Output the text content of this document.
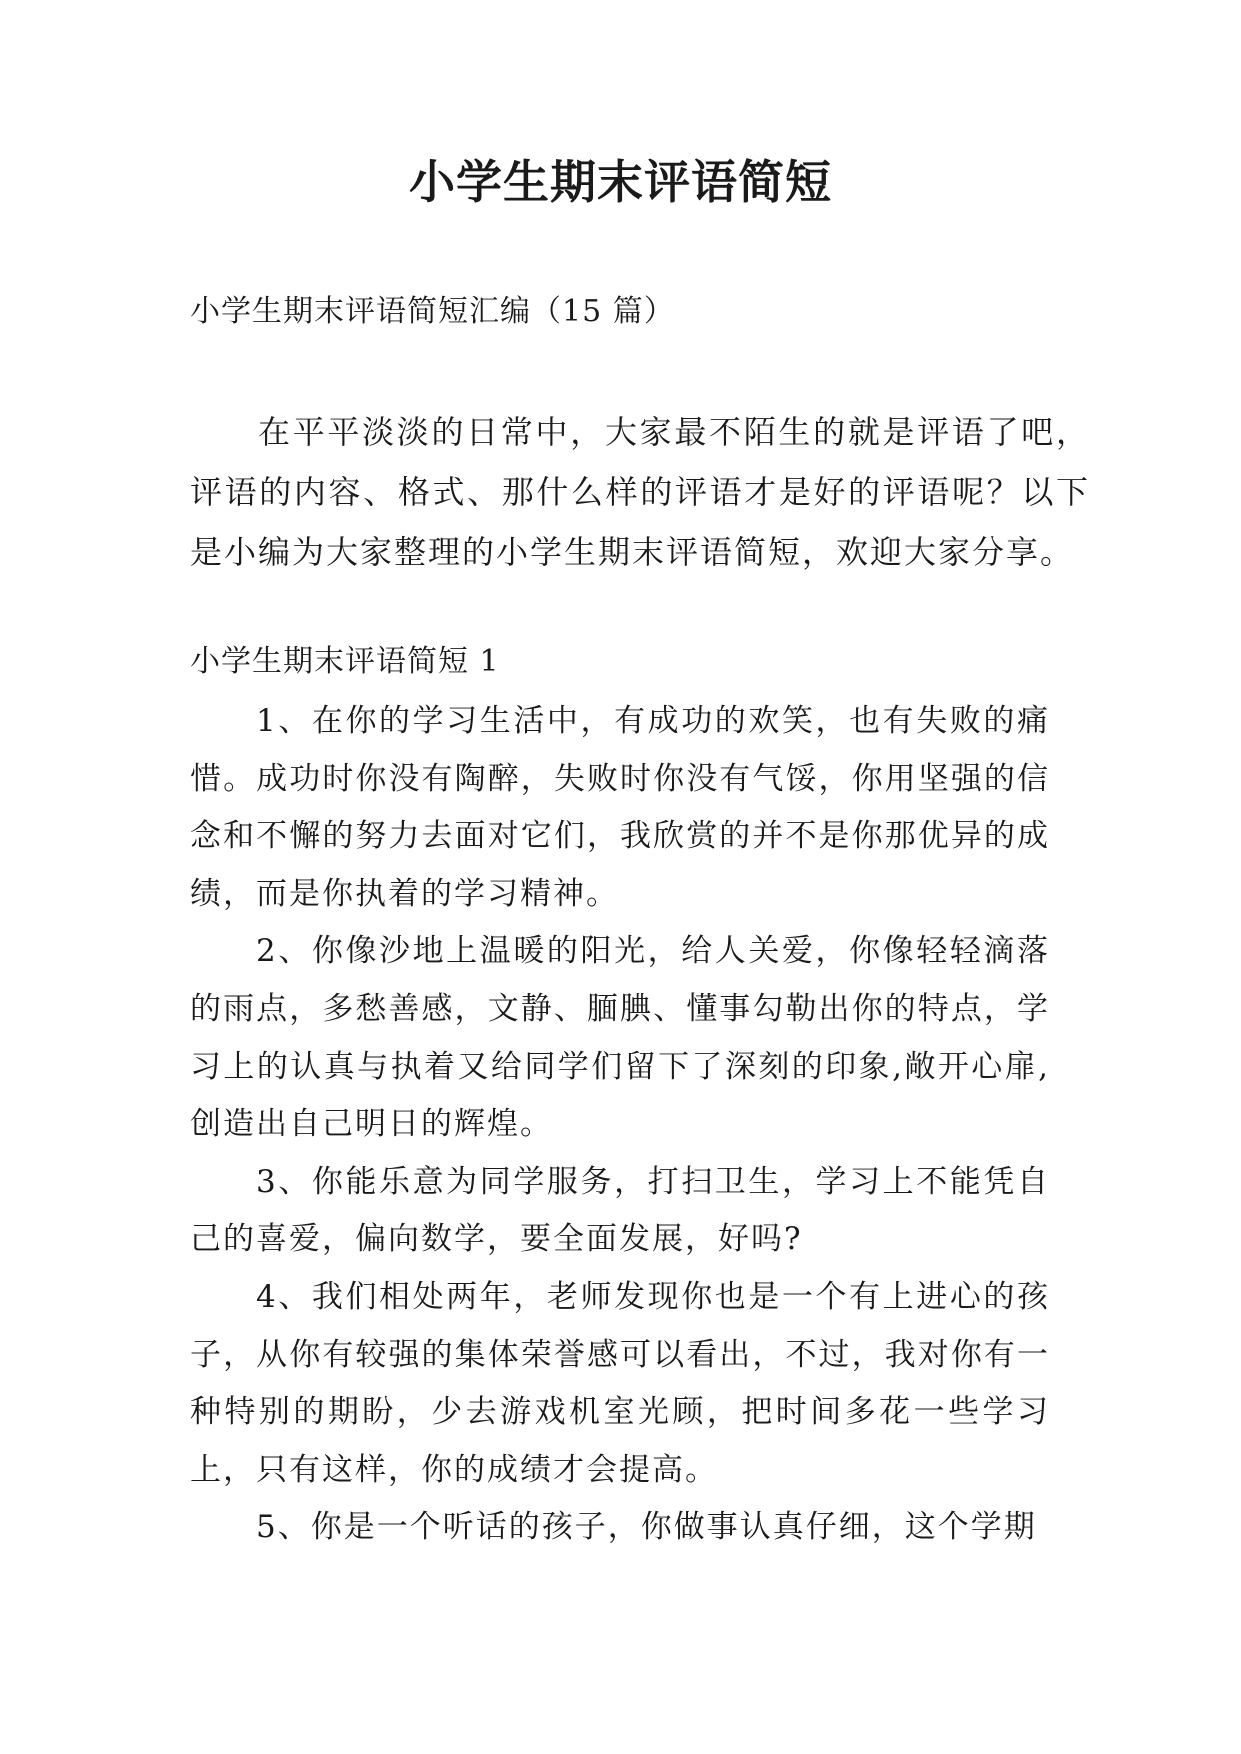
小学生期末评语简短

小学生期末评语简短汇编（15 篇）

在平平淡淡的日常中，大家最不陌生的就是评语了吧，评语的内容、格式、那什么样的评语才是好的评语呢？以下是小编为大家整理的小学生期末评语简短，欢迎大家分享。

小学生期末评语简短 1

1、在你的学习生活中，有成功的欢笑，也有失败的痛惜。成功时你没有陶醉，失败时你没有气馁，你用坚强的信念和不懈的努力去面对它们，我欣赏的并不是你那优异的成绩，而是你执着的学习精神。

2、你像沙地上温暖的阳光，给人关爱，你像轻轻滴落的雨点，多愁善感，文静、腼腆、懂事勾勒出你的特点，学习上的认真与执着又给同学们留下了深刻的印象,敞开心扉,创造出自己明日的辉煌。

3、你能乐意为同学服务，打扫卫生，学习上不能凭自己的喜爱，偏向数学，要全面发展，好吗?

4、我们相处两年，老师发现你也是一个有上进心的孩子，从你有较强的集体荣誉感可以看出，不过，我对你有一种特别的期盼，少去游戏机室光顾，把时间多花一些学习上，只有这样，你的成绩才会提高。

5、你是一个听话的孩子，你做事认真仔细，这个学期
